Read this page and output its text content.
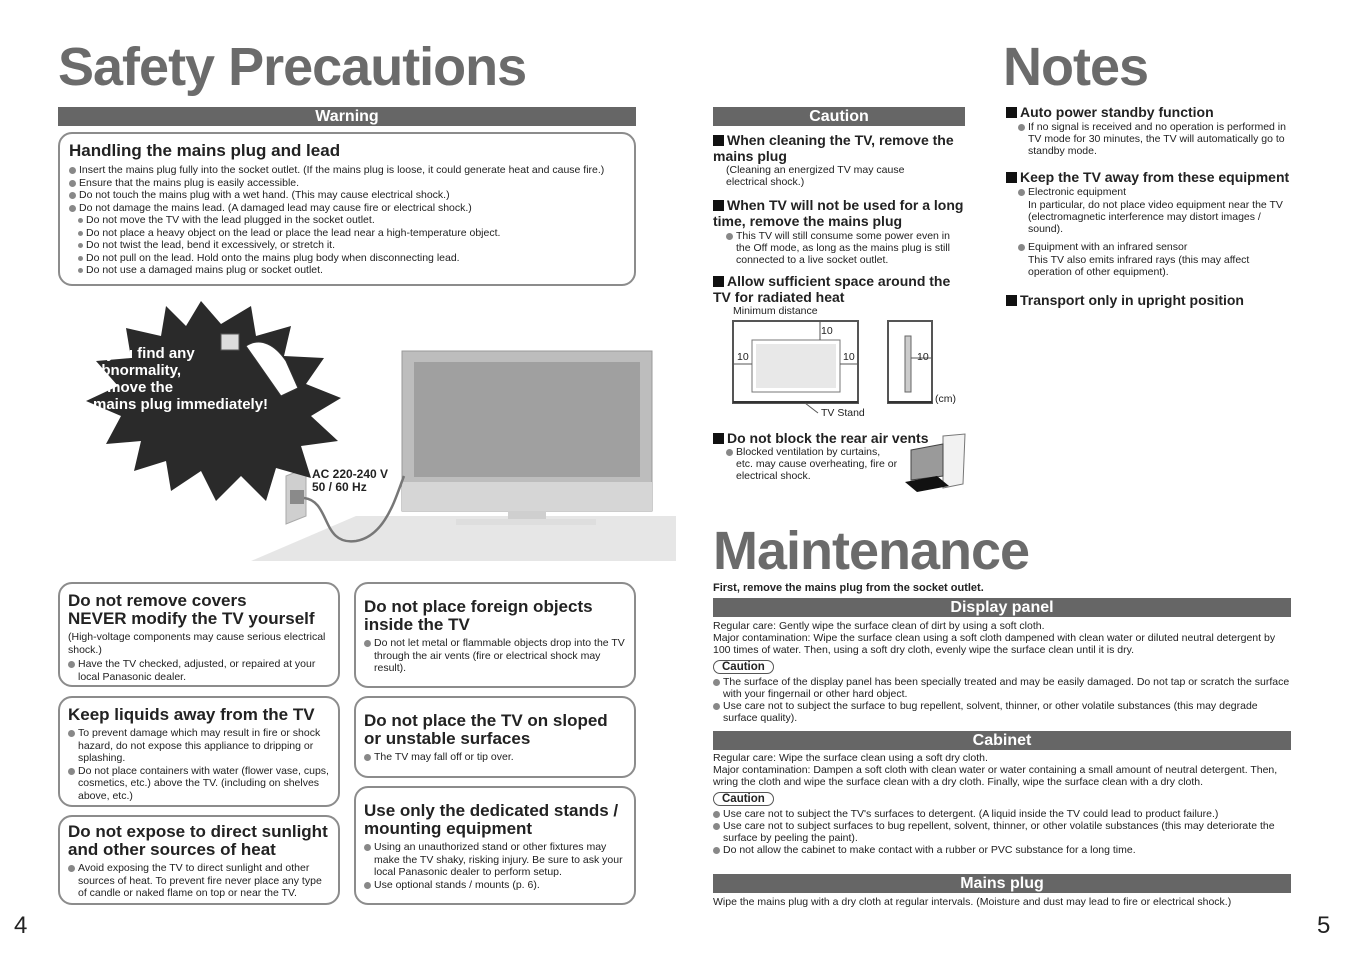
Safety Precautions
Warning
Handling the mains plug and lead
Insert the mains plug fully into the socket outlet. (If the mains plug is loose, it could generate heat and cause fire.)
Ensure that the mains plug is easily accessible.
Do not touch the mains plug with a wet hand. (This may cause electrical shock.)
Do not damage the mains lead. (A damaged lead may cause fire or electrical shock.)
Do not move the TV with the lead plugged in the socket outlet.
Do not place a heavy object on the lead or place the lead near a high-temperature object.
Do not twist the lead, bend it excessively, or stretch it.
Do not pull on the lead. Hold onto the mains plug body when disconnecting lead.
Do not use a damaged mains plug or socket outlet.
If you find any
abnormality,
remove the
mains plug immediately!
AC 220-240 V
50 / 60 Hz
Do not remove covers
NEVER modify the TV yourself

(High-voltage components may cause serious electrical shock.)

Have the TV checked, adjusted, or repaired at your local Panasonic dealer.
Keep liquids away from the TV
To prevent damage which may result in fire or shock hazard, do not expose this appliance to dripping or splashing.
Do not place containers with water (flower vase, cups, cosmetics, etc.) above the TV. (including on shelves above, etc.)
Do not expose to direct sunlight and other sources of heat
Avoid exposing the TV to direct sunlight and other sources of heat. To prevent fire never place any type of candle or naked flame on top or near the TV.
Do not place foreign objects inside the TV
Do not let metal or flammable objects drop into the TV through the air vents (fire or electrical shock may result).
Do not place the TV on sloped or unstable surfaces
The TV may fall off or tip over.
Use only the dedicated stands / mounting equipment
Using an unauthorized stand or other fixtures may make the TV shaky, risking injury. Be sure to ask your local Panasonic dealer to perform setup.
Use optional stands / mounts (p. 6).
4
Caution
When cleaning the TV, remove the mains plug
(Cleaning an energized TV may cause electrical shock.)
When TV will not be used for a long time, remove the mains plug
This TV will still consume some power even in the Off mode, as long as the mains plug is still connected to a live socket outlet.
Allow sufficient space around the TV for radiated heat
Minimum distance
10
10	10	10
(cm)
TV Stand
Do not block the rear air vents
Blocked ventilation by curtains, etc. may cause overheating, fire or electrical shock.
Notes
Auto power standby function
If no signal is received and no operation is performed in TV mode for 30 minutes, the TV will automatically go to standby mode.
Keep the TV away from these equipment
Electronic equipment
In particular, do not place video equipment near the TV (electromagnetic interference may distort images / sound).
Equipment with an infrared sensor
This TV also emits infrared rays (this may affect operation of other equipment).
Transport only in upright position
Maintenance
First, remove the mains plug from the socket outlet.
Display panel
Regular care: Gently wipe the surface clean of dirt by using a soft cloth.
Major contamination: Wipe the surface clean using a soft cloth dampened with clean water or diluted neutral detergent by 100 times of water. Then, using a soft dry cloth, evenly wipe the surface clean until it is dry.
Caution
The surface of the display panel has been specially treated and may be easily damaged. Do not tap or scratch the surface with your fingernail or other hard object.
Use care not to subject the surface to bug repellent, solvent, thinner, or other volatile substances (this may degrade surface quality).
Cabinet
Regular care: Wipe the surface clean using a soft dry cloth.
Major contamination: Dampen a soft cloth with clean water or water containing a small amount of neutral detergent. Then, wring the cloth and wipe the surface clean with a dry cloth. Finally, wipe the surface clean with a dry cloth.
Caution
Use care not to subject the TV's surfaces to detergent. (A liquid inside the TV could lead to product failure.)
Use care not to subject surfaces to bug repellent, solvent, thinner, or other volatile substances (this may deteriorate the surface by peeling the paint).
Do not allow the cabinet to make contact with a rubber or PVC substance for a long time.
Mains plug
Wipe the mains plug with a dry cloth at regular intervals. (Moisture and dust may lead to fire or electrical shock.)
5
